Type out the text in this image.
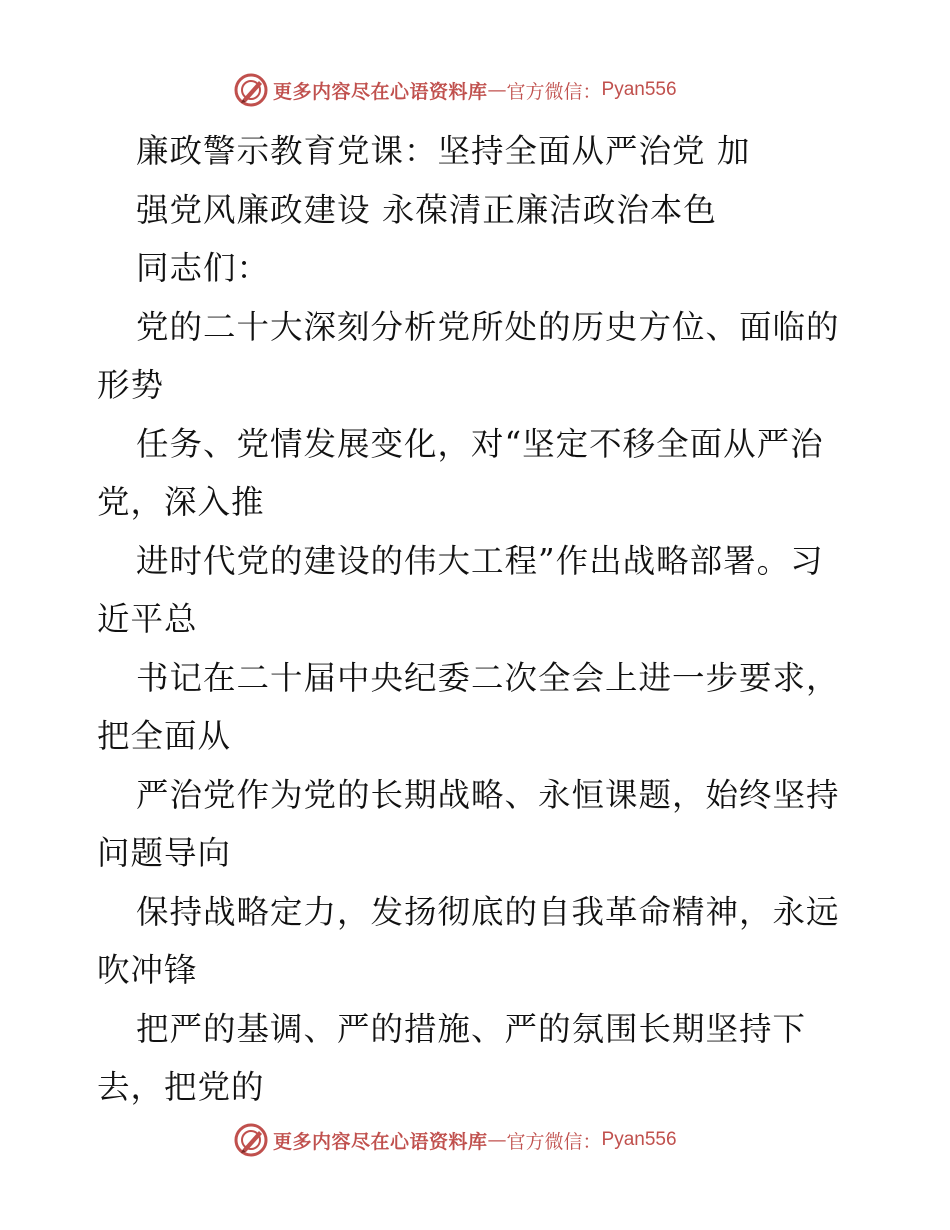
更多内容尽在心语资料库 — 官方微信： Pyan556
廉政警示教育党课：坚持全面从严治党 加
强党风廉政建设 永葆清正廉洁政治本色
同志们：
党的二十大深刻分析党所处的历史方位、面临的
形势
任务、党情发展变化，对“坚定不移全面从严治
党，深入推
进时代党的建设的伟大工程”作出战略部署。习
近平总
书记在二十届中央纪委二次全会上进一步要求，
把全面从
严治党作为党的长期战略、永恒课题，始终坚持
问题导向
保持战略定力，发扬彻底的自我革命精神，永远
吹冲锋
把严的基调、严的措施、严的氛围长期坚持下
去，把党的
更多内容尽在心语资料库 — 官方微信： Pyan556
